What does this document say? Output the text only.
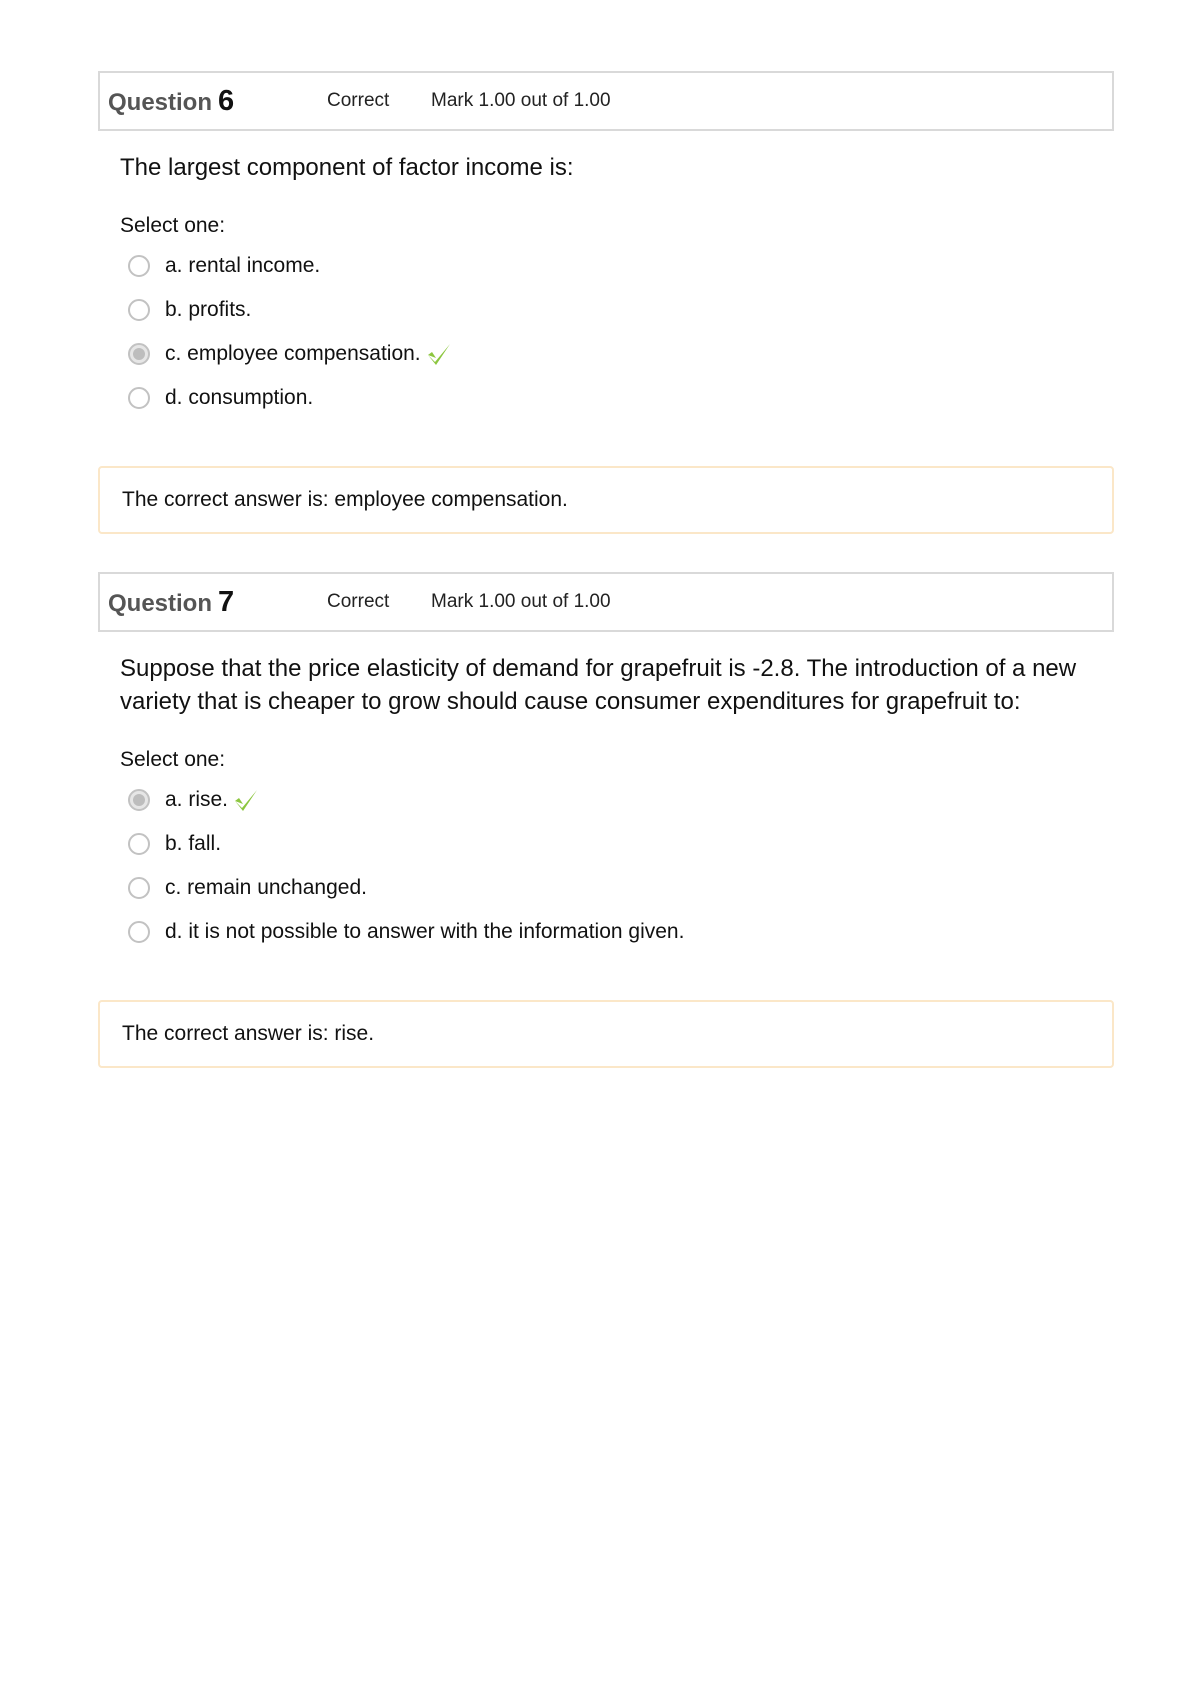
Question 6	Correct	Mark 1.00 out of 1.00
The largest component of factor income is:
Select one:
a. rental income.
b. profits.
c. employee compensation.
d. consumption.
The correct answer is: employee compensation.
Question 7	Correct	Mark 1.00 out of 1.00
Suppose that the price elasticity of demand for grapefruit is -2.8. The introduction of a new variety that is cheaper to grow should cause consumer expenditures for grapefruit to:
Select one:
a. rise.
b. fall.
c. remain unchanged.
d. it is not possible to answer with the information given.
The correct answer is: rise.
